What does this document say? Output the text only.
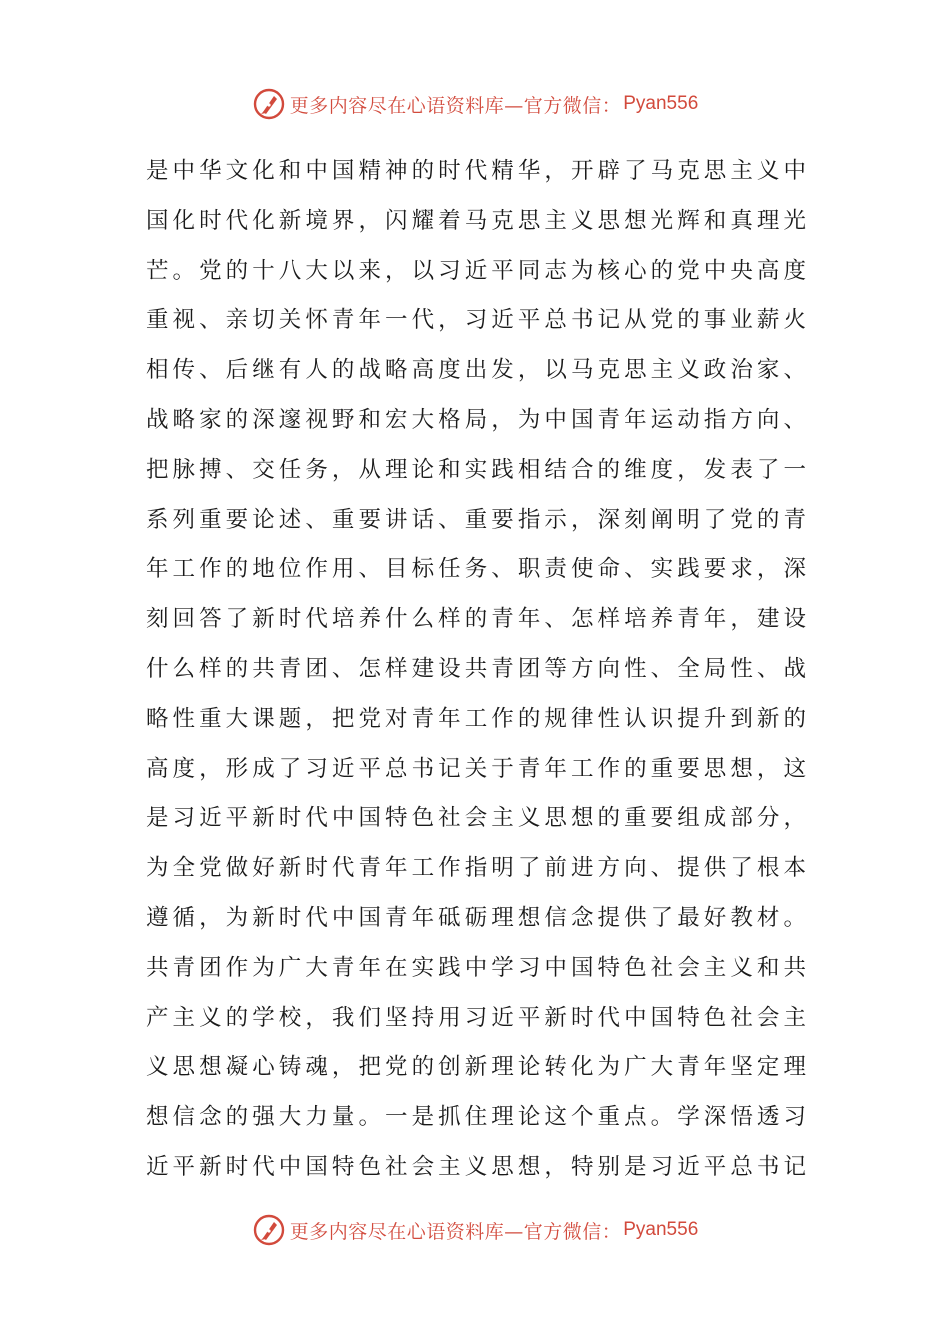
更多内容尽在心语资料库—官方微信： Pyan556
是中华文化和中国精神的时代精华，开辟了马克思主义中
国化时代化新境界，闪耀着马克思主义思想光辉和真理光
芒。党的十八大以来，以习近平同志为核心的党中央高度
重视、亲切关怀青年一代，习近平总书记从党的事业薪火
相传、后继有人的战略高度出发，以马克思主义政治家、
战略家的深邃视野和宏大格局，为中国青年运动指方向、
把脉搏、交任务，从理论和实践相结合的维度，发表了一
系列重要论述、重要讲话、重要指示，深刻阐明了党的青
年工作的地位作用、目标任务、职责使命、实践要求，深
刻回答了新时代培养什么样的青年、怎样培养青年，建设
什么样的共青团、怎样建设共青团等方向性、全局性、战
略性重大课题，把党对青年工作的规律性认识提升到新的
高度，形成了习近平总书记关于青年工作的重要思想，这
是习近平新时代中国特色社会主义思想的重要组成部分，
为全党做好新时代青年工作指明了前进方向、提供了根本
遵循，为新时代中国青年砥砺理想信念提供了最好教材。
共青团作为广大青年在实践中学习中国特色社会主义和共
产主义的学校，我们坚持用习近平新时代中国特色社会主
义思想凝心铸魂，把党的创新理论转化为广大青年坚定理
想信念的强大力量。一是抓住理论这个重点。学深悟透习
近平新时代中国特色社会主义思想，特别是习近平总书记
更多内容尽在心语资料库—官方微信： Pyan556
